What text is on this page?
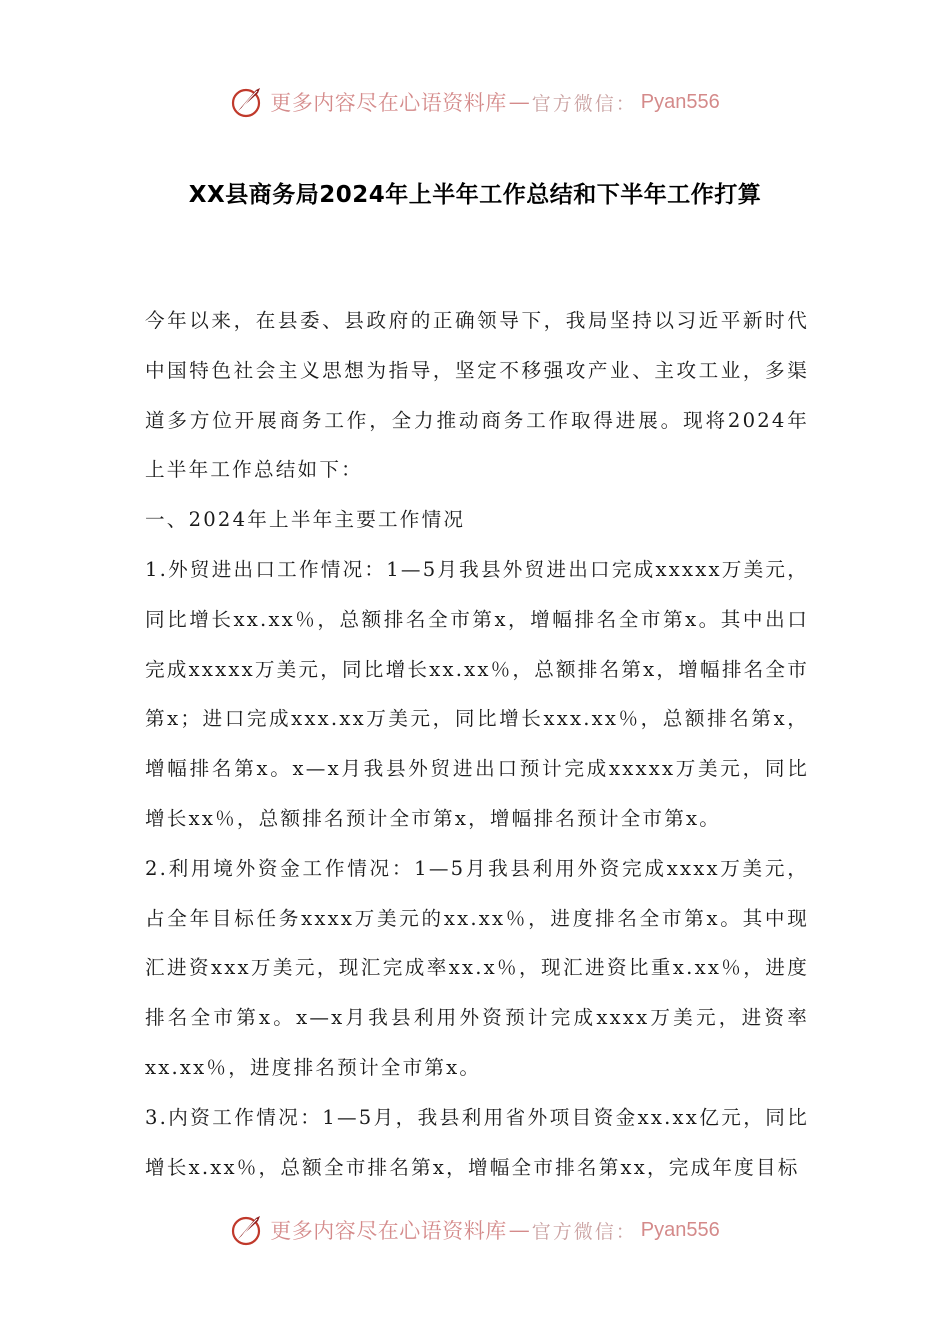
更多内容尽在心语资料库 — 官方微信： Pyan556
XX县商务局2024年上半年工作总结和下半年工作打算

今年以来，在县委、县政府的正确领导下，我局坚持以习近平新时代中国特色社会主义思想为指导，坚定不移强攻产业、主攻工业，多渠道多方位开展商务工作，全力推动商务工作取得进展。现将2024年上半年工作总结如下：

一、2024年上半年主要工作情况

1.外贸进出口工作情况：1—5月我县外贸进出口完成xxxxx万美元，同比增长xx.xx％，总额排名全市第x，增幅排名全市第x。其中出口完成xxxxx万美元，同比增长xx.xx％，总额排名第x，增幅排名全市第x；进口完成xxx.xx万美元，同比增长xxx.xx％，总额排名第x，增幅排名第x。x—x月我县外贸进出口预计完成xxxxx万美元，同比增长xx％，总额排名预计全市第x，增幅排名预计全市第x。

2.利用境外资金工作情况：1—5月我县利用外资完成xxxx万美元，占全年目标任务xxxx万美元的xx.xx％，进度排名全市第x。其中现汇进资xxx万美元，现汇完成率xx.x％，现汇进资比重x.xx％，进度排名全市第x。x—x月我县利用外资预计完成xxxx万美元，进资率xx.xx％，进度排名预计全市第x。

3.内资工作情况：1—5月，我县利用省外项目资金xx.xx亿元，同比增长x.xx％，总额全市排名第x，增幅全市排名第xx，完成年度目标

更多内容尽在心语资料库 — 官方微信： Pyan556
